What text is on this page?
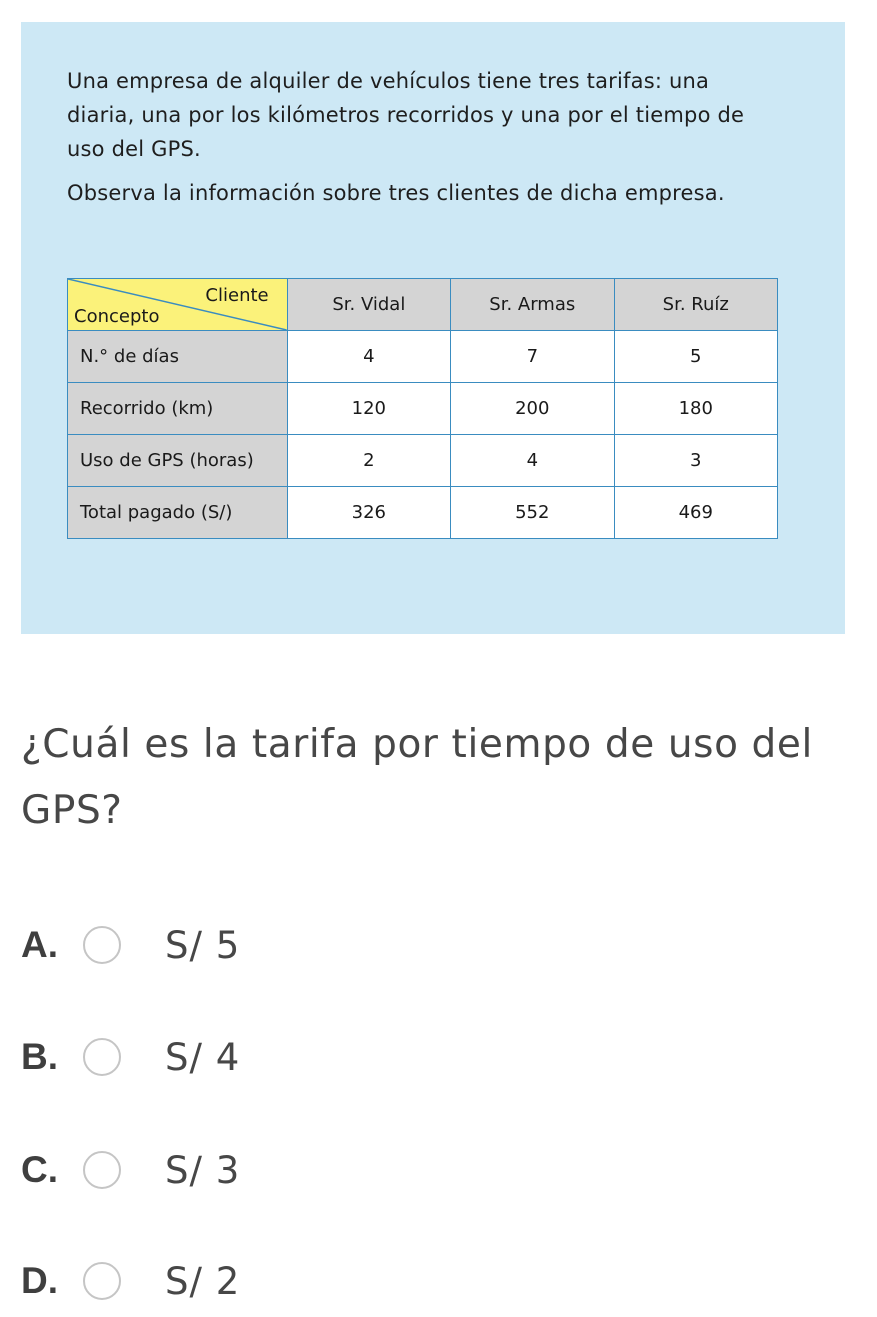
Una empresa de alquiler de vehículos tiene tres tarifas: una diaria, una por los kilómetros recorridos y una por el tiempo de uso del GPS.

Observa la información sobre tres clientes de dicha empresa.

Cliente
Concepto	Sr. Vidal	Sr. Armas	Sr. Ruíz
N.° de días	4	7	5
Recorrido (km)	120	200	180
Uso de GPS (horas)	2	4	3
Total pagado (S/)	326	552	469
¿Cuál es la tarifa por tiempo de uso del GPS?
A.	S/ 5
B.	S/ 4
C.	S/ 3
D.	S/ 2
